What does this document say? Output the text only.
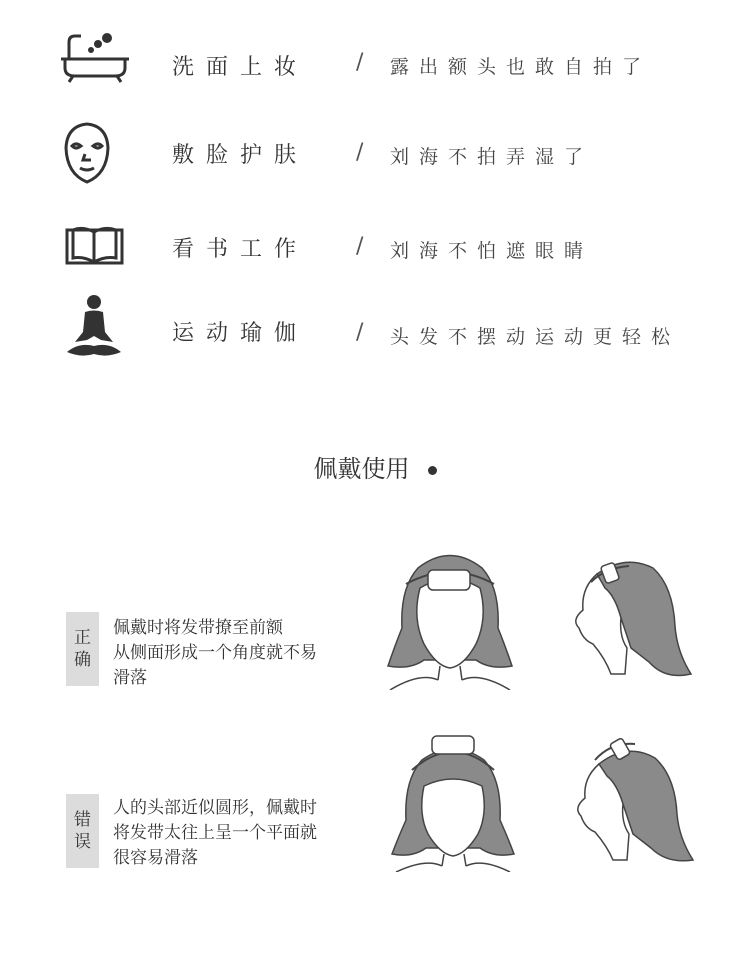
洗面上妆 / 露出额头也敢自拍了
敷脸护肤 / 刘海不拍弄湿了
看书工作 / 刘海不怕遮眼睛
运动瑜伽 / 头发不摆动运动更轻松
佩戴使用
正确
佩戴时将发带撩至前额
从侧面形成一个角度就不易
滑落
错误
人的头部近似圆形，佩戴时
将发带太往上呈一个平面就
很容易滑落
